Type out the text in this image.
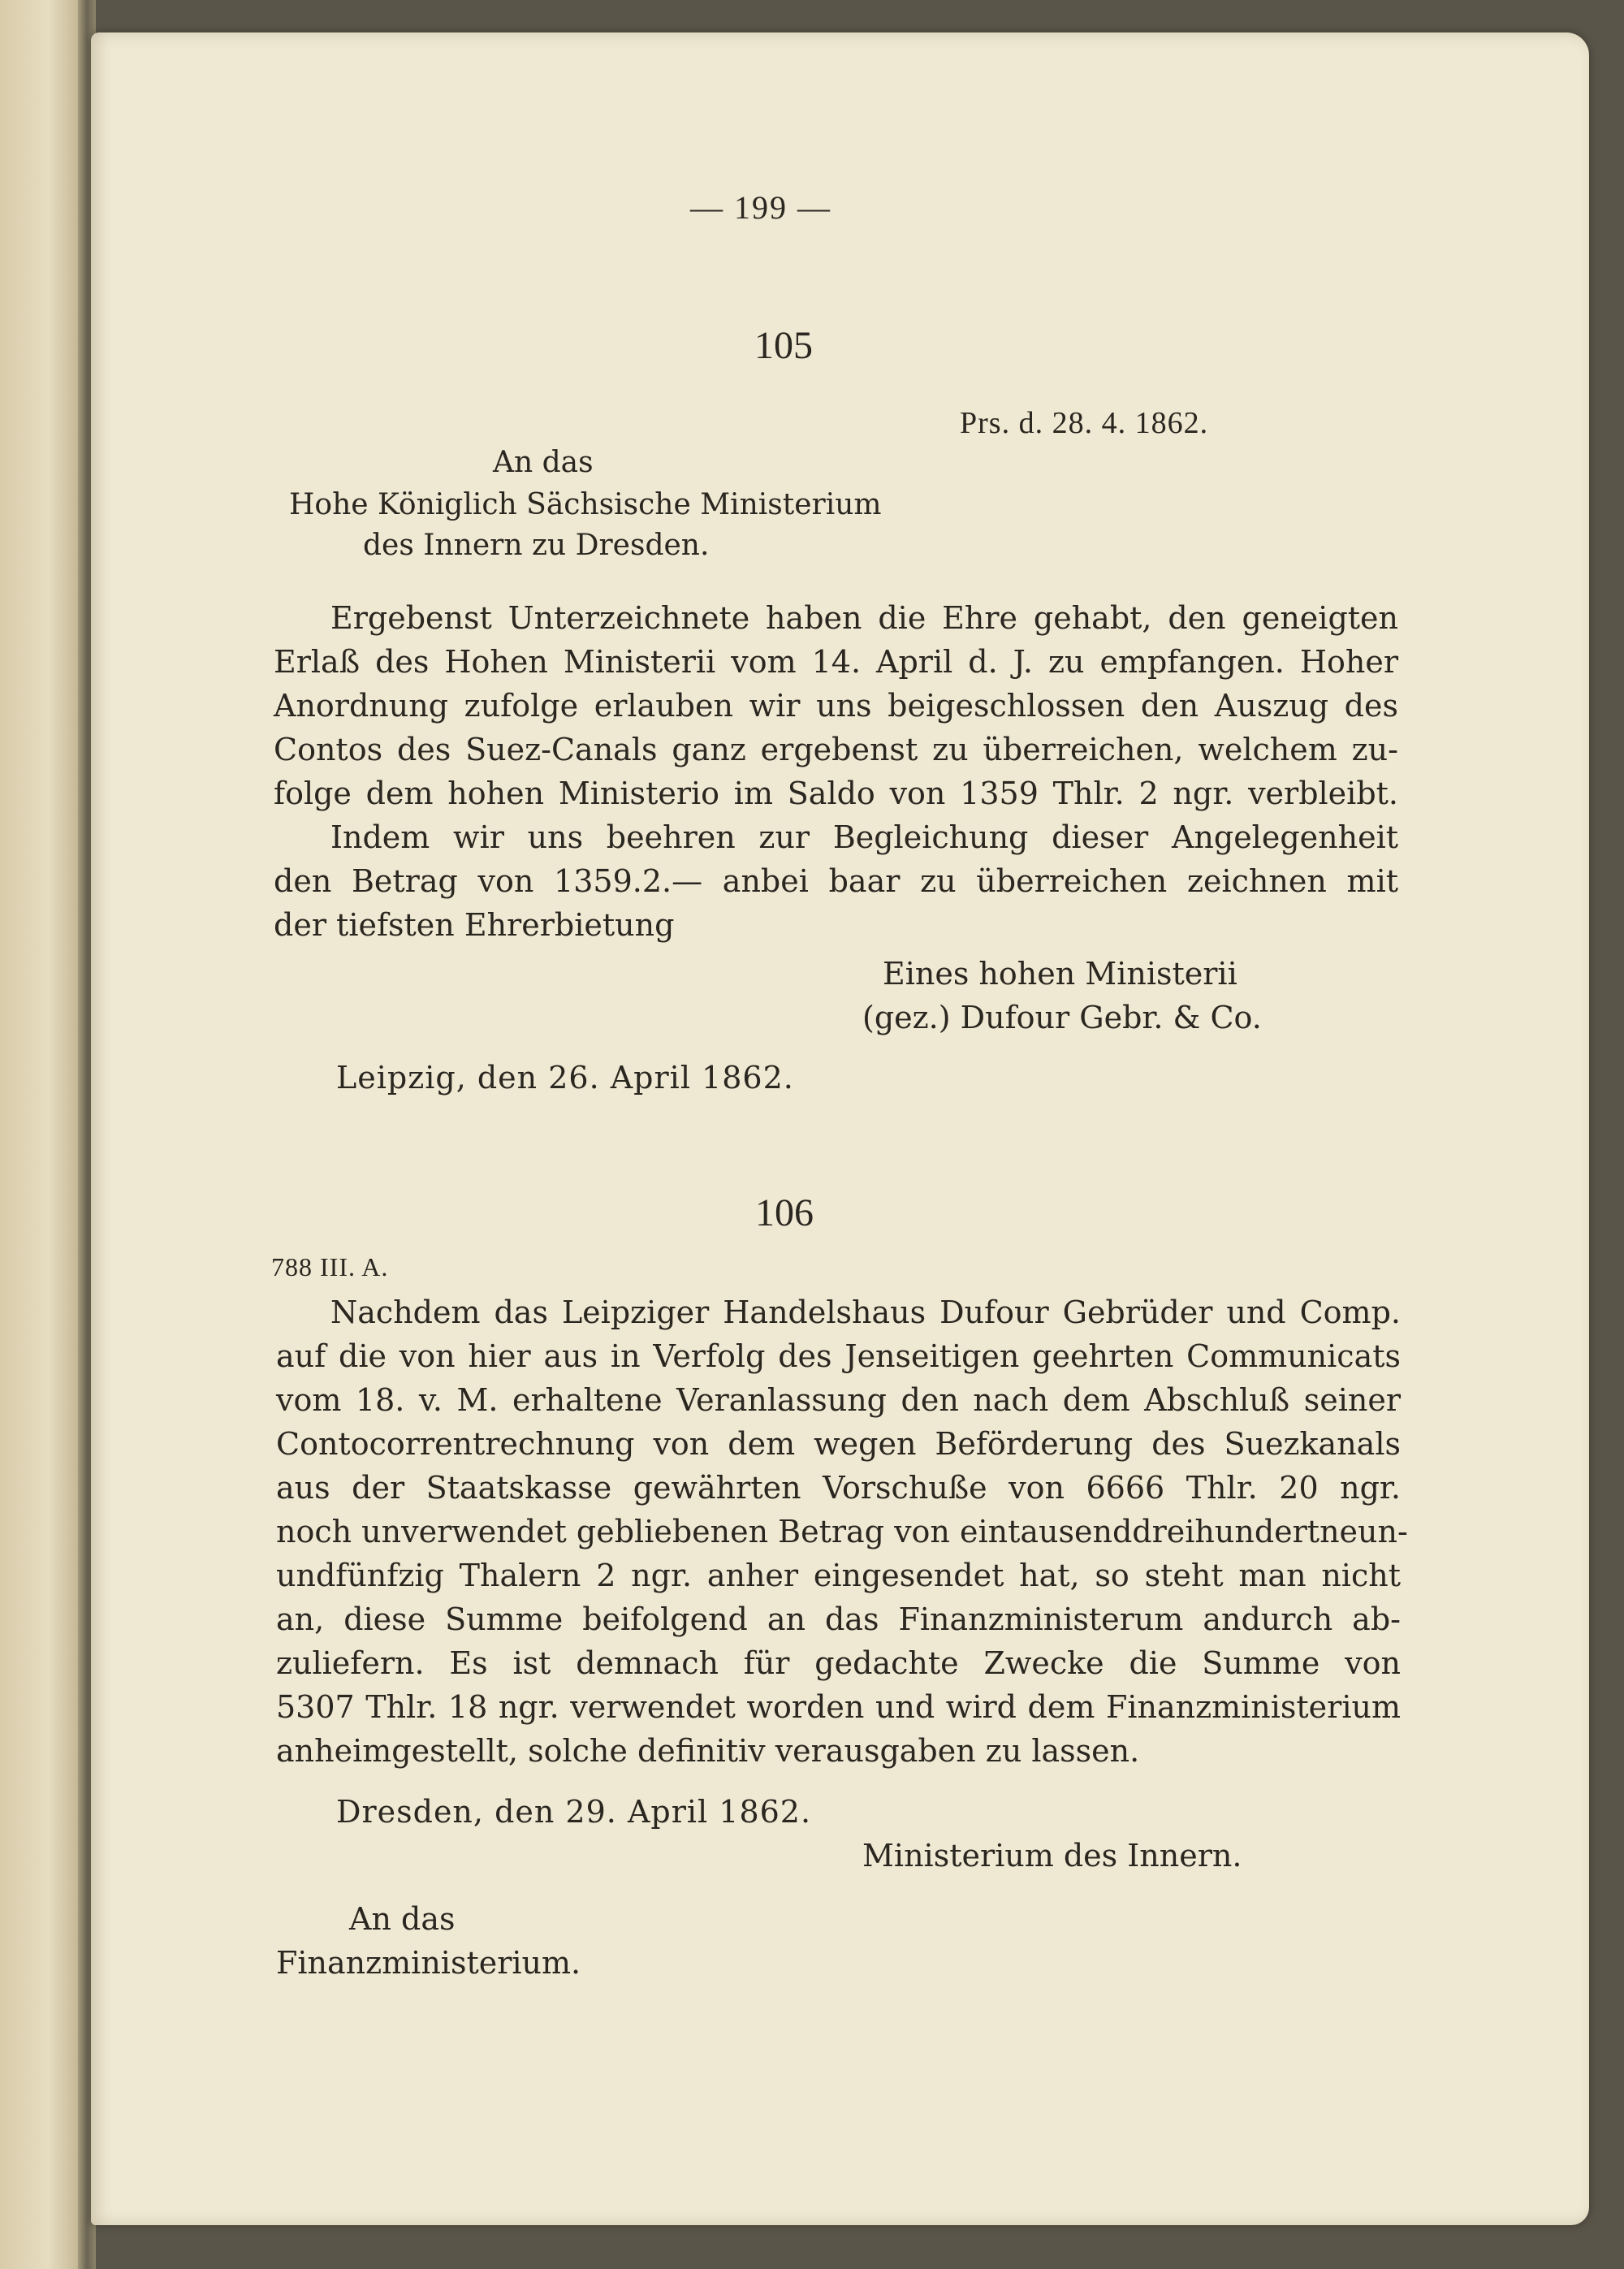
— 199 —
105
Prs. d. 28. 4. 1862.
An das
Hohe Königlich Sächsische Ministerium
des Innern zu Dresden.
Ergebenst Unterzeichnete haben die Ehre gehabt, den geneigten
Erlaß des Hohen Ministerii vom 14. April d. J. zu empfangen. Hoher
Anordnung zufolge erlauben wir uns beigeschlossen den Auszug des
Contos des Suez-Canals ganz ergebenst zu überreichen, welchem zu-
folge dem hohen Ministerio im Saldo von 1359 Thlr. 2 ngr. verbleibt.
Indem wir uns beehren zur Begleichung dieser Angelegenheit
den Betrag von 1359.2.— anbei baar zu überreichen zeichnen mit
der tiefsten Ehrerbietung
Eines hohen Ministerii
(gez.) Dufour Gebr. & Co.
Leipzig, den 26. April 1862.
106
788 III. A.
Nachdem das Leipziger Handelshaus Dufour Gebrüder und Comp.
auf die von hier aus in Verfolg des Jenseitigen geehrten Communicats
vom 18. v. M. erhaltene Veranlassung den nach dem Abschluß seiner
Contocorrentrechnung von dem wegen Beförderung des Suezkanals
aus der Staatskasse gewährten Vorschuße von 6666 Thlr. 20 ngr.
noch unverwendet gebliebenen Betrag von eintausenddreihundertneun-
undfünfzig Thalern 2 ngr. anher eingesendet hat, so steht man nicht
an, diese Summe beifolgend an das Finanzministerum andurch ab-
zuliefern. Es ist demnach für gedachte Zwecke die Summe von
5307 Thlr. 18 ngr. verwendet worden und wird dem Finanzministerium
anheimgestellt, solche definitiv verausgaben zu lassen.
Dresden, den 29. April 1862.
Ministerium des Innern.
An das
Finanzministerium.
